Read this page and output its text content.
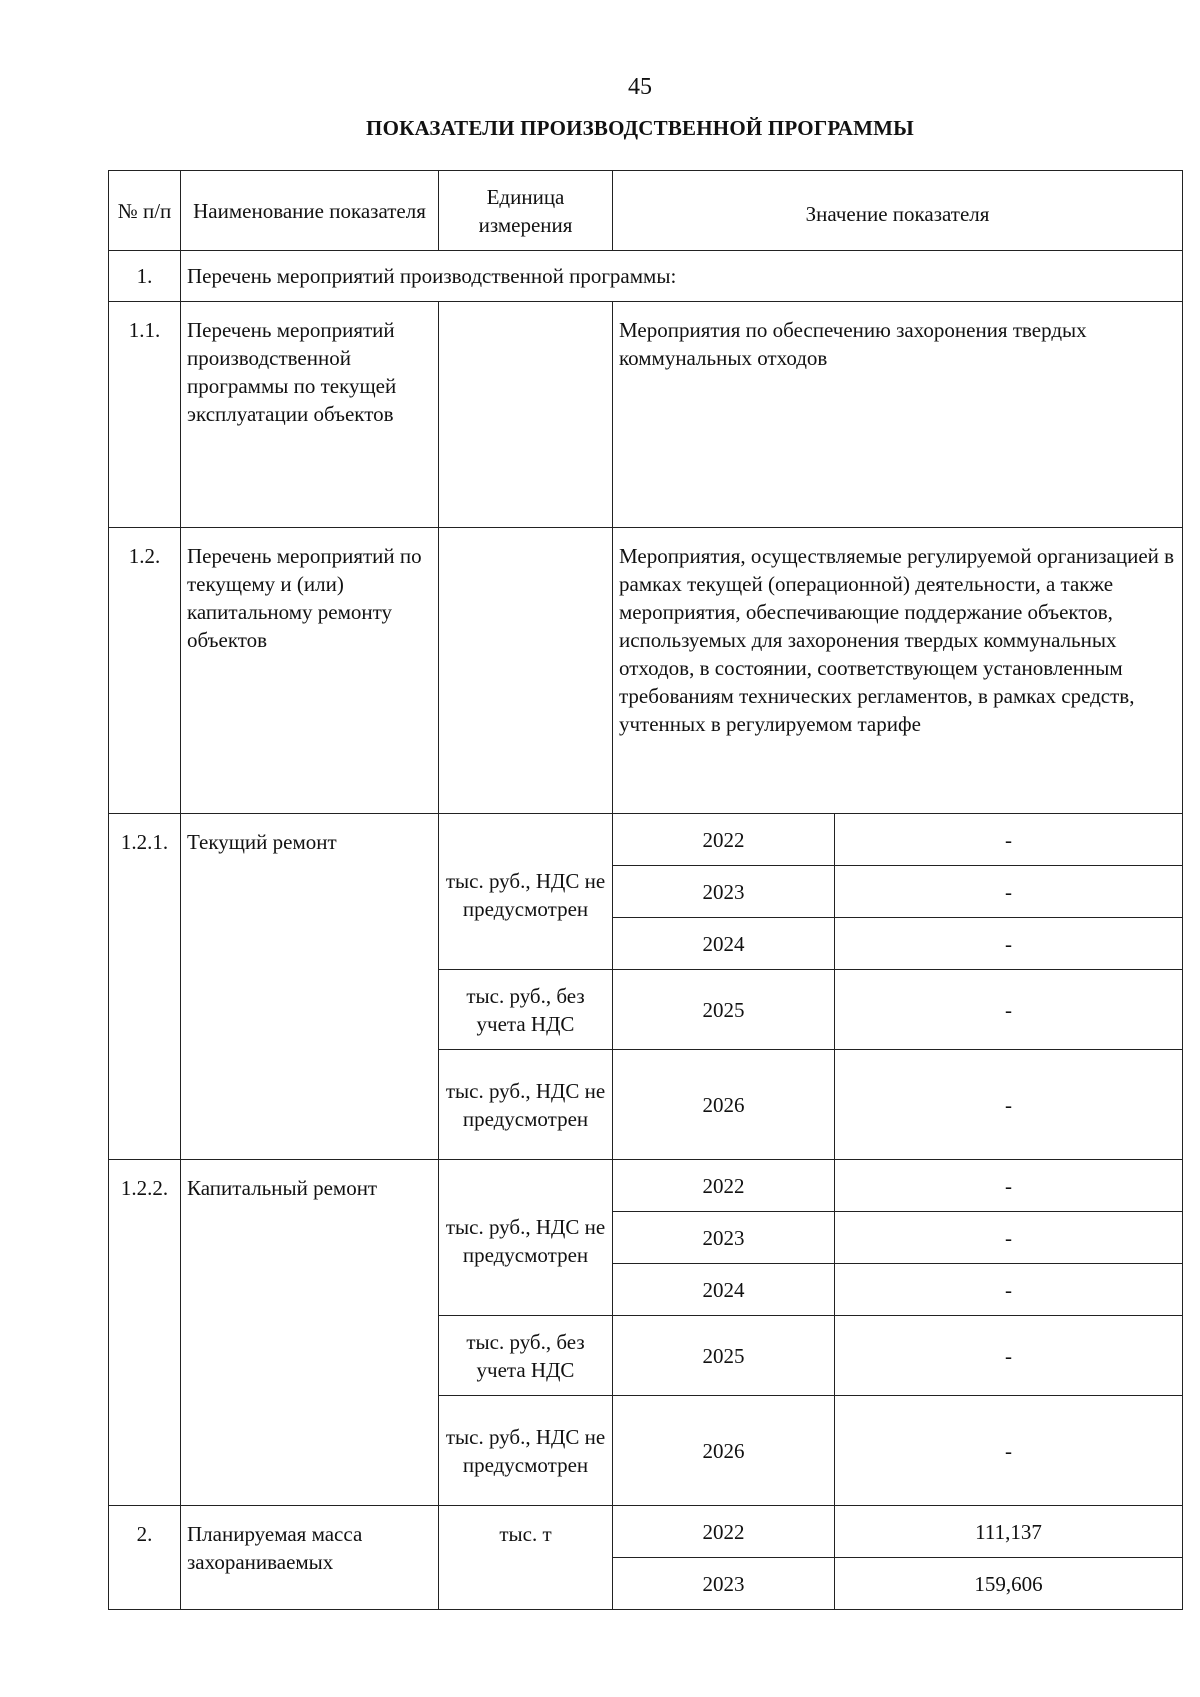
45
ПОКАЗАТЕЛИ ПРОИЗВОДСТВЕННОЙ ПРОГРАММЫ
№ п/п	Наименование показателя	Единица измерения	Значение показателя	
1.	Перечень мероприятий производственной программы:			
1.1.	Перечень мероприятий производственной программы по текущей эксплуатации объектов		Мероприятия по обеспечению захоронения твердых коммунальных отходов	
1.2.	Перечень мероприятий по текущему и (или) капитальному ремонту объектов		Мероприятия, осуществляемые регулируемой организацией в рамках текущей (операционной) деятельности, а также мероприятия, обеспечивающие поддержание объектов, используемых для захоронения твердых коммунальных отходов, в состоянии, соответствующем установленным требованиям технических регламентов, в рамках средств, учтенных в регулируемом тарифе	
1.2.1.	Текущий ремонт	тыс. руб., НДС не предусмотрен	2022	-
			2023	-
			2024	-
		тыс. руб., без учета НДС	2025	-
		тыс. руб., НДС не предусмотрен	2026	-
1.2.2.	Капитальный ремонт	тыс. руб., НДС не предусмотрен	2022	-
			2023	-
			2024	-
		тыс. руб., без учета НДС	2025	-
		тыс. руб., НДС не предусмотрен	2026	-
2.	Планируемая масса захораниваемых	тыс. т	2022	111,137
			2023	159,606
